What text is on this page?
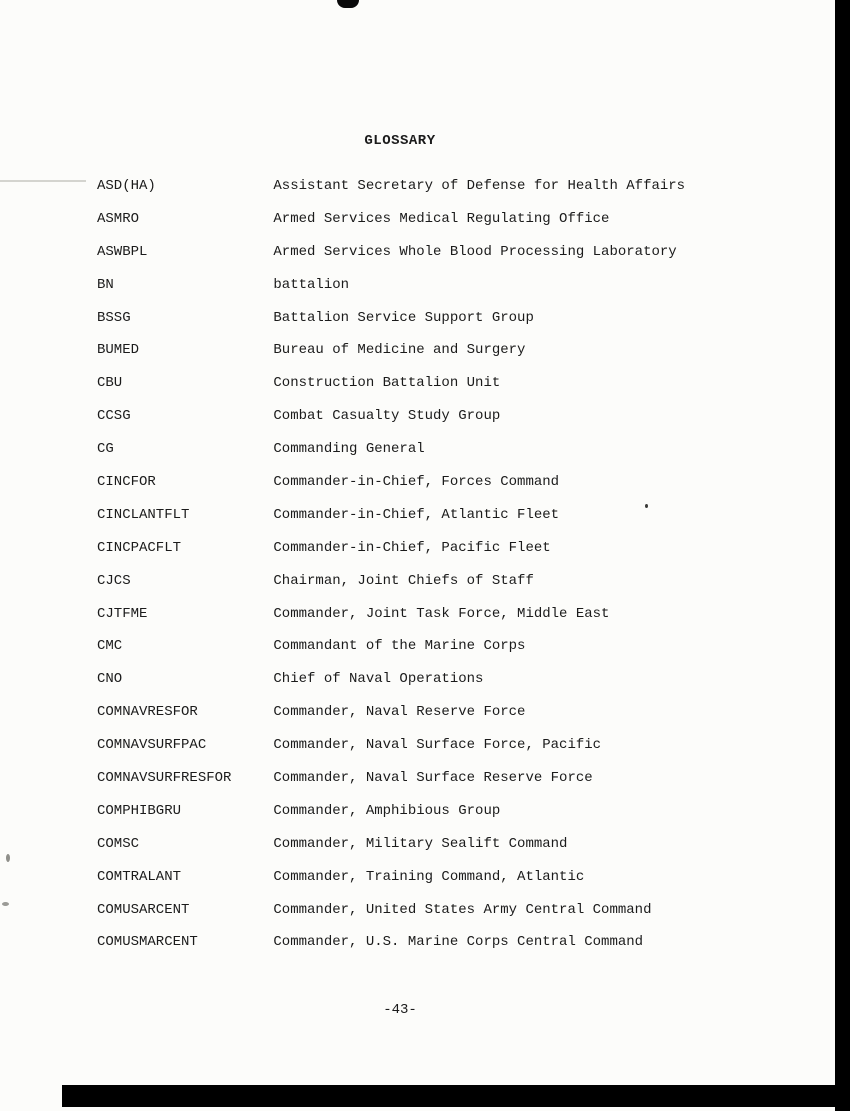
GLOSSARY
ASD(HA)	Assistant Secretary of Defense for Health Affairs
ASMRO	Armed Services Medical Regulating Office
ASWBPL	Armed Services Whole Blood Processing Laboratory
BN	battalion
BSSG	Battalion Service Support Group
BUMED	Bureau of Medicine and Surgery
CBU	Construction Battalion Unit
CCSG	Combat Casualty Study Group
CG	Commanding General
CINCFOR	Commander-in-Chief, Forces Command
CINCLANTFLT	Commander-in-Chief, Atlantic Fleet
CINCPACFLT	Commander-in-Chief, Pacific Fleet
CJCS	Chairman, Joint Chiefs of Staff
CJTFME	Commander, Joint Task Force, Middle East
CMC	Commandant of the Marine Corps
CNO	Chief of Naval Operations
COMNAVRESFOR	Commander, Naval Reserve Force
COMNAVSURFPAC	Commander, Naval Surface Force, Pacific
COMNAVSURFRESFOR	Commander, Naval Surface Reserve Force
COMPHIBGRU	Commander, Amphibious Group
COMSC	Commander, Military Sealift Command
COMTRALANT	Commander, Training Command, Atlantic
COMUSARCENT	Commander, United States Army Central Command
COMUSMARCENT	Commander, U.S. Marine Corps Central Command
-43-
